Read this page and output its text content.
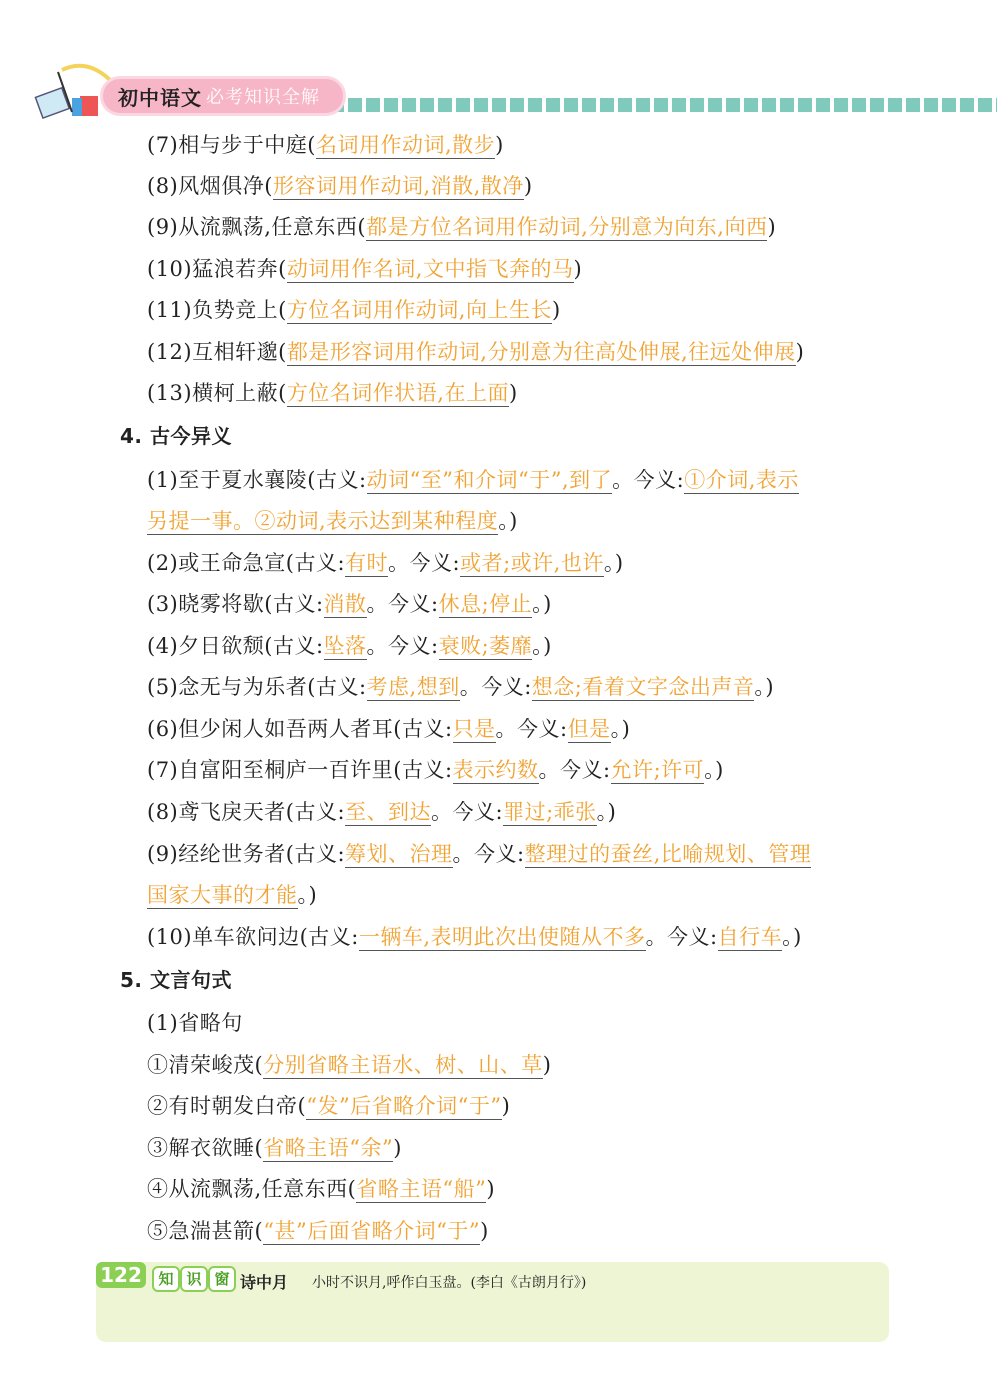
初中语文 必考知识全解
(7)相与步于中庭(名词用作动词,散步)
(8)风烟俱净(形容词用作动词,消散,散净)
(9)从流飘荡,任意东西(都是方位名词用作动词,分别意为向东,向西)
(10)猛浪若奔(动词用作名词,文中指飞奔的马)
(11)负势竞上(方位名词用作动词,向上生长)
(12)互相轩邈(都是形容词用作动词,分别意为往高处伸展,往远处伸展)
(13)横柯上蔽(方位名词作状语,在上面)
4. 古今异义
(1)至于夏水襄陵(古义:动词“至”和介词“于”,到了。今义:①介词,表示
另提一事。②动词,表示达到某种程度。)
(2)或王命急宣(古义:有时。今义:或者;或许,也许。)
(3)晓雾将歇(古义:消散。今义:休息;停止。)
(4)夕日欲颓(古义:坠落。今义:衰败;萎靡。)
(5)念无与为乐者(古义:考虑,想到。今义:想念;看着文字念出声音。)
(6)但少闲人如吾两人者耳(古义:只是。今义:但是。)
(7)自富阳至桐庐一百许里(古义:表示约数。今义:允许;许可。)
(8)鸢飞戾天者(古义:至、到达。今义:罪过;乖张。)
(9)经纶世务者(古义:筹划、治理。今义:整理过的蚕丝,比喻规划、管理
国家大事的才能。)
(10)单车欲问边(古义:一辆车,表明此次出使随从不多。今义:自行车。)
5. 文言句式
(1)省略句
①清荣峻茂(分别省略主语水、树、山、草)
②有时朝发白帝(“发”后省略介词“于”)
③解衣欲睡(省略主语“余”)
④从流飘荡,任意东西(省略主语“船”)
⑤急湍甚箭(“甚”后面省略介词“于”)
122	知 识 窗 诗中月 小时不识月,呼作白玉盘。(李白《古朗月行》)
